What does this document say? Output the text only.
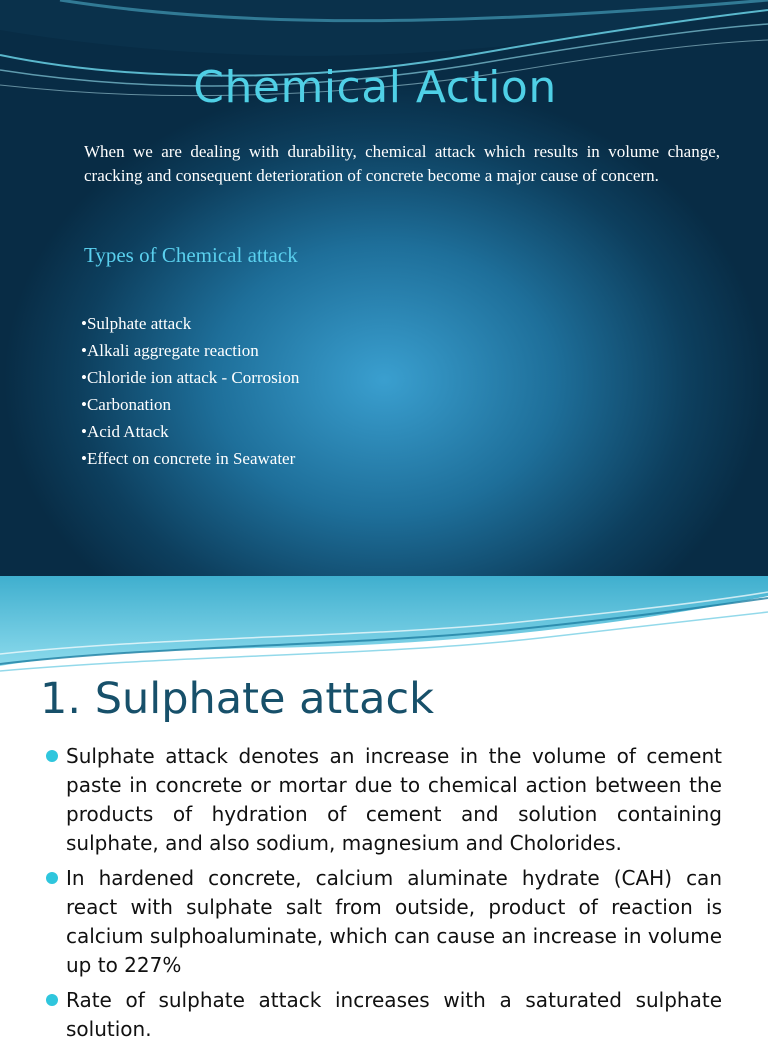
Chemical Action

When we are dealing with durability, chemical attack which results in volume change, cracking and consequent deterioration of concrete become a major cause of concern.

Types of Chemical attack
•Sulphate attack
•Alkali aggregate reaction
•Chloride ion attack - Corrosion
•Carbonation
•Acid Attack
•Effect on concrete in Seawater
1. Sulphate attack
Sulphate attack denotes an increase in the volume of cement paste in concrete or mortar due to chemical action between the products of hydration of cement and solution containing sulphate, and also sodium, magnesium and Cholorides.
In hardened concrete, calcium aluminate hydrate (CAH) can react with sulphate salt from outside, product of reaction is calcium sulphoaluminate, which can cause an increase in volume up to 227%
Rate of sulphate attack increases with a saturated sulphate solution.
